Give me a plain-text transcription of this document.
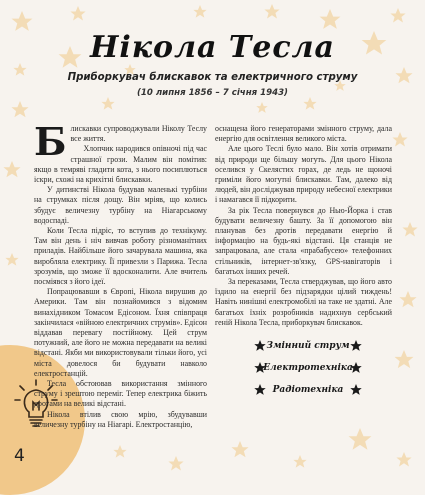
4
Нікола Тесла
Приборкувач блискавок та електричного струму
(10 липня 1856 – 7 січня 1943)

Блискавки супроводжували Ніколу Теслу все життя.

Хлопчик народився опівночі під час страшної грози. Малим він помітив: якщо в темряві гладити кота, з нього посиплються іскри, схожі на крихітні блискавки.

У дитинстві Нікола будував маленькі турбіни на струмках після дощу. Він мріяв, що колись збудує величезну турбіну на Ніагарському водоспаді.

Коли Тесла підріс, то вступив до технікуму. Там він день і ніч вивчав роботу різноманітних приладів. Найбільше його зачарувала машина, яка виробляла електрику. Її привезли з Парижа. Тесла зрозумів, що зможе її вдосконалити. Але вчитель посміявся з його ідеї.

Попрацювавши в Європі, Нікола вирушив до Америки. Там він познайомився з відомим винахідником Томасом Едісоном. Їхня співпраця закінчилася «війною електричних струмів». Едісон віддавав перевагу постійному. Цей струм потужний, але його не можна передавати на великі відстані. Якби ми використовували тільки його, усі міста довелося би будувати навколо електростанцій.

Тесла обстоював використання змінного струму і зрештою переміг. Тепер електрика біжить дротами на великі відстані.

Нікола втілив свою мрію, збудувавши величезну турбіну на Ніагарі. Електростанцію,

оснащена його генераторами змінного струму, дала енергію для освітлення великого міста.

Але цього Теслі було мало. Він хотів отримати від природи ще більшу могуть. Для цього Нікола оселився у Скелястих горах, де ледь не щоночі гриміли його могутні блискавки. Там, далеко від людей, він досліджував природу небесної електрики і намагався її підкорити.

За рік Тесла повернувся до Нью-Йорка і став будувати величезну башту. За її допомогою він планував без дротів передавати енергію й інформацію на будь-які відстані. Ця станція не запрацювала, але стала «прабабусею» телефонних стільників, інтернет-зв'язку, GPS-навігаторів і багатьох інших речей.

За переказами, Тесла стверджував, що його авто їздило на енергії без підзарядки цілий тиждень! Навіть нинішні електромобілі на таке не здатні. Але багатьох їхніх розробників надихнув сербський геній Нікола Тесла, приборкувач блискавок.

Змінний струм
Електротехніка
Радіотехніка
